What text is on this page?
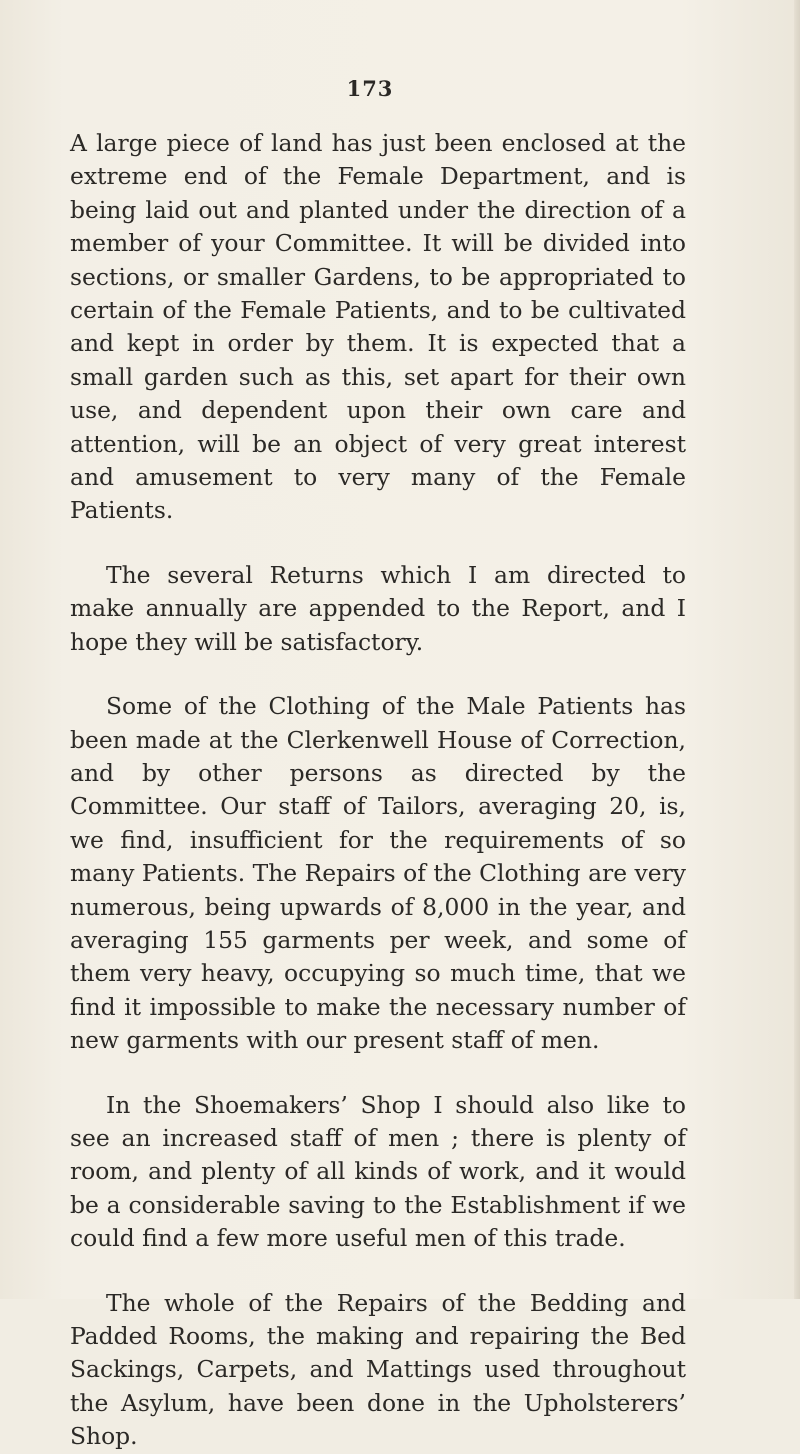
173

A large piece of land has just been enclosed at the extreme end of the Female Department, and is being laid out and planted under the direction of a member of your Committee. It will be divided into sections, or smaller Gardens, to be appropriated to certain of the Female Patients, and to be cultivated and kept in order by them. It is expected that a small garden such as this, set apart for their own use, and dependent upon their own care and attention, will be an object of very great interest and amusement to very many of the Female Patients.

The several Returns which I am directed to make annually are appended to the Report, and I hope they will be satisfactory.

Some of the Clothing of the Male Patients has been made at the Clerkenwell House of Correction, and by other persons as directed by the Committee. Our staff of Tailors, averaging 20, is, we find, insufficient for the requirements of so many Patients. The Repairs of the Clothing are very numerous, being upwards of 8,000 in the year, and averaging 155 garments per week, and some of them very heavy, occupying so much time, that we find it impossible to make the necessary number of new garments with our present staff of men.

In the Shoemakers’ Shop I should also like to see an increased staff of men ; there is plenty of room, and plenty of all kinds of work, and it would be a considerable saving to the Establishment if we could find a few more useful men of this trade.

The whole of the Repairs of the Bedding and Padded Rooms, the making and repairing the Bed Sackings, Carpets, and Mattings used throughout the Asylum, have been done in the Upholsterers’ Shop.
